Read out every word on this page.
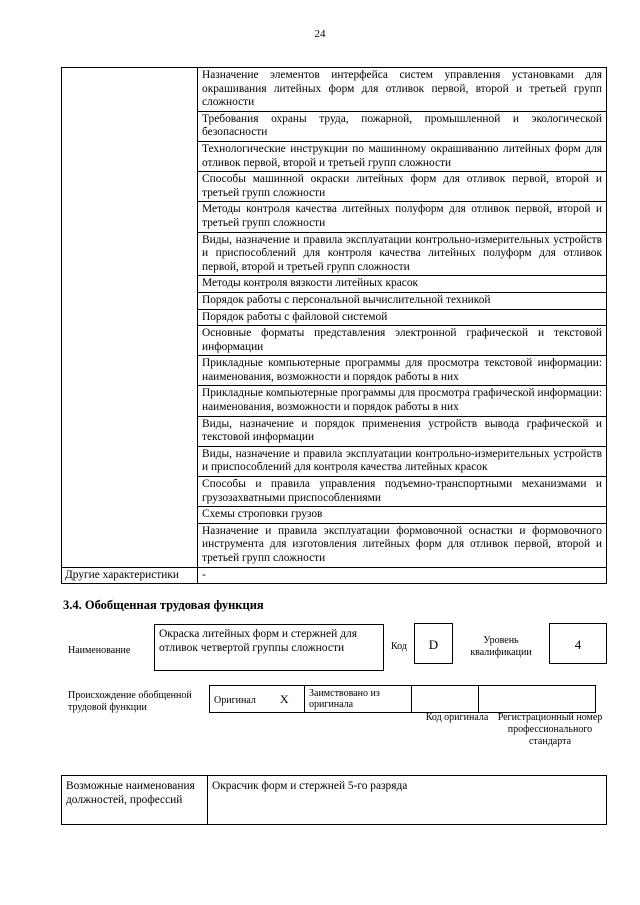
24
	Назначение элементов интерфейса систем управления установками для окрашивания литейных форм для отливок первой, второй и третьей групп сложности
	Требования охраны труда, пожарной, промышленной и экологической безопасности
	Технологические инструкции по машинному окрашиванию литейных форм для отливок первой, второй и третьей групп сложности
	Способы машинной окраски литейных форм для отливок первой, второй и третьей групп сложности
	Методы контроля качества литейных полуформ для отливок первой, второй и третьей групп сложности
	Виды, назначение и правила эксплуатации контрольно-измерительных устройств и приспособлений для контроля качества литейных полуформ для отливок первой, второй и третьей групп сложности
	Методы контроля вязкости литейных красок
	Порядок работы с персональной вычислительной техникой
	Порядок работы с файловой системой
	Основные форматы представления электронной графической и текстовой информации
	Прикладные компьютерные программы для просмотра текстовой информации: наименования, возможности и порядок работы в них
	Прикладные компьютерные программы для просмотра графической информации: наименования, возможности и порядок работы в них
	Виды, назначение и порядок применения устройств вывода графической и текстовой информации
	Виды, назначение и правила эксплуатации контрольно-измерительных устройств и приспособлений для контроля качества литейных красок
	Способы и правила управления подъемно-транспортными механизмами и грузозахватными приспособлениями
	Схемы строповки грузов
	Назначение и правила эксплуатации формовочной оснастки и формовочного инструмента для изготовления литейных форм для отливок первой, второй и третьей групп сложности
Другие характеристики	-
3.4. Обобщенная трудовая функция
Наименование
Окраска литейных форм и стержней для отливок четвертой группы сложности	Код	D	Уровень квалификации
4
Происхождение обобщенной трудовой функции
Оригинал X	Заимствовано из оригинала		
Код оригинала Регистрационный номер профессионального стандарта
Возможные наименования должностей, профессий	Окрасчик форм и стержней 5-го разряда
